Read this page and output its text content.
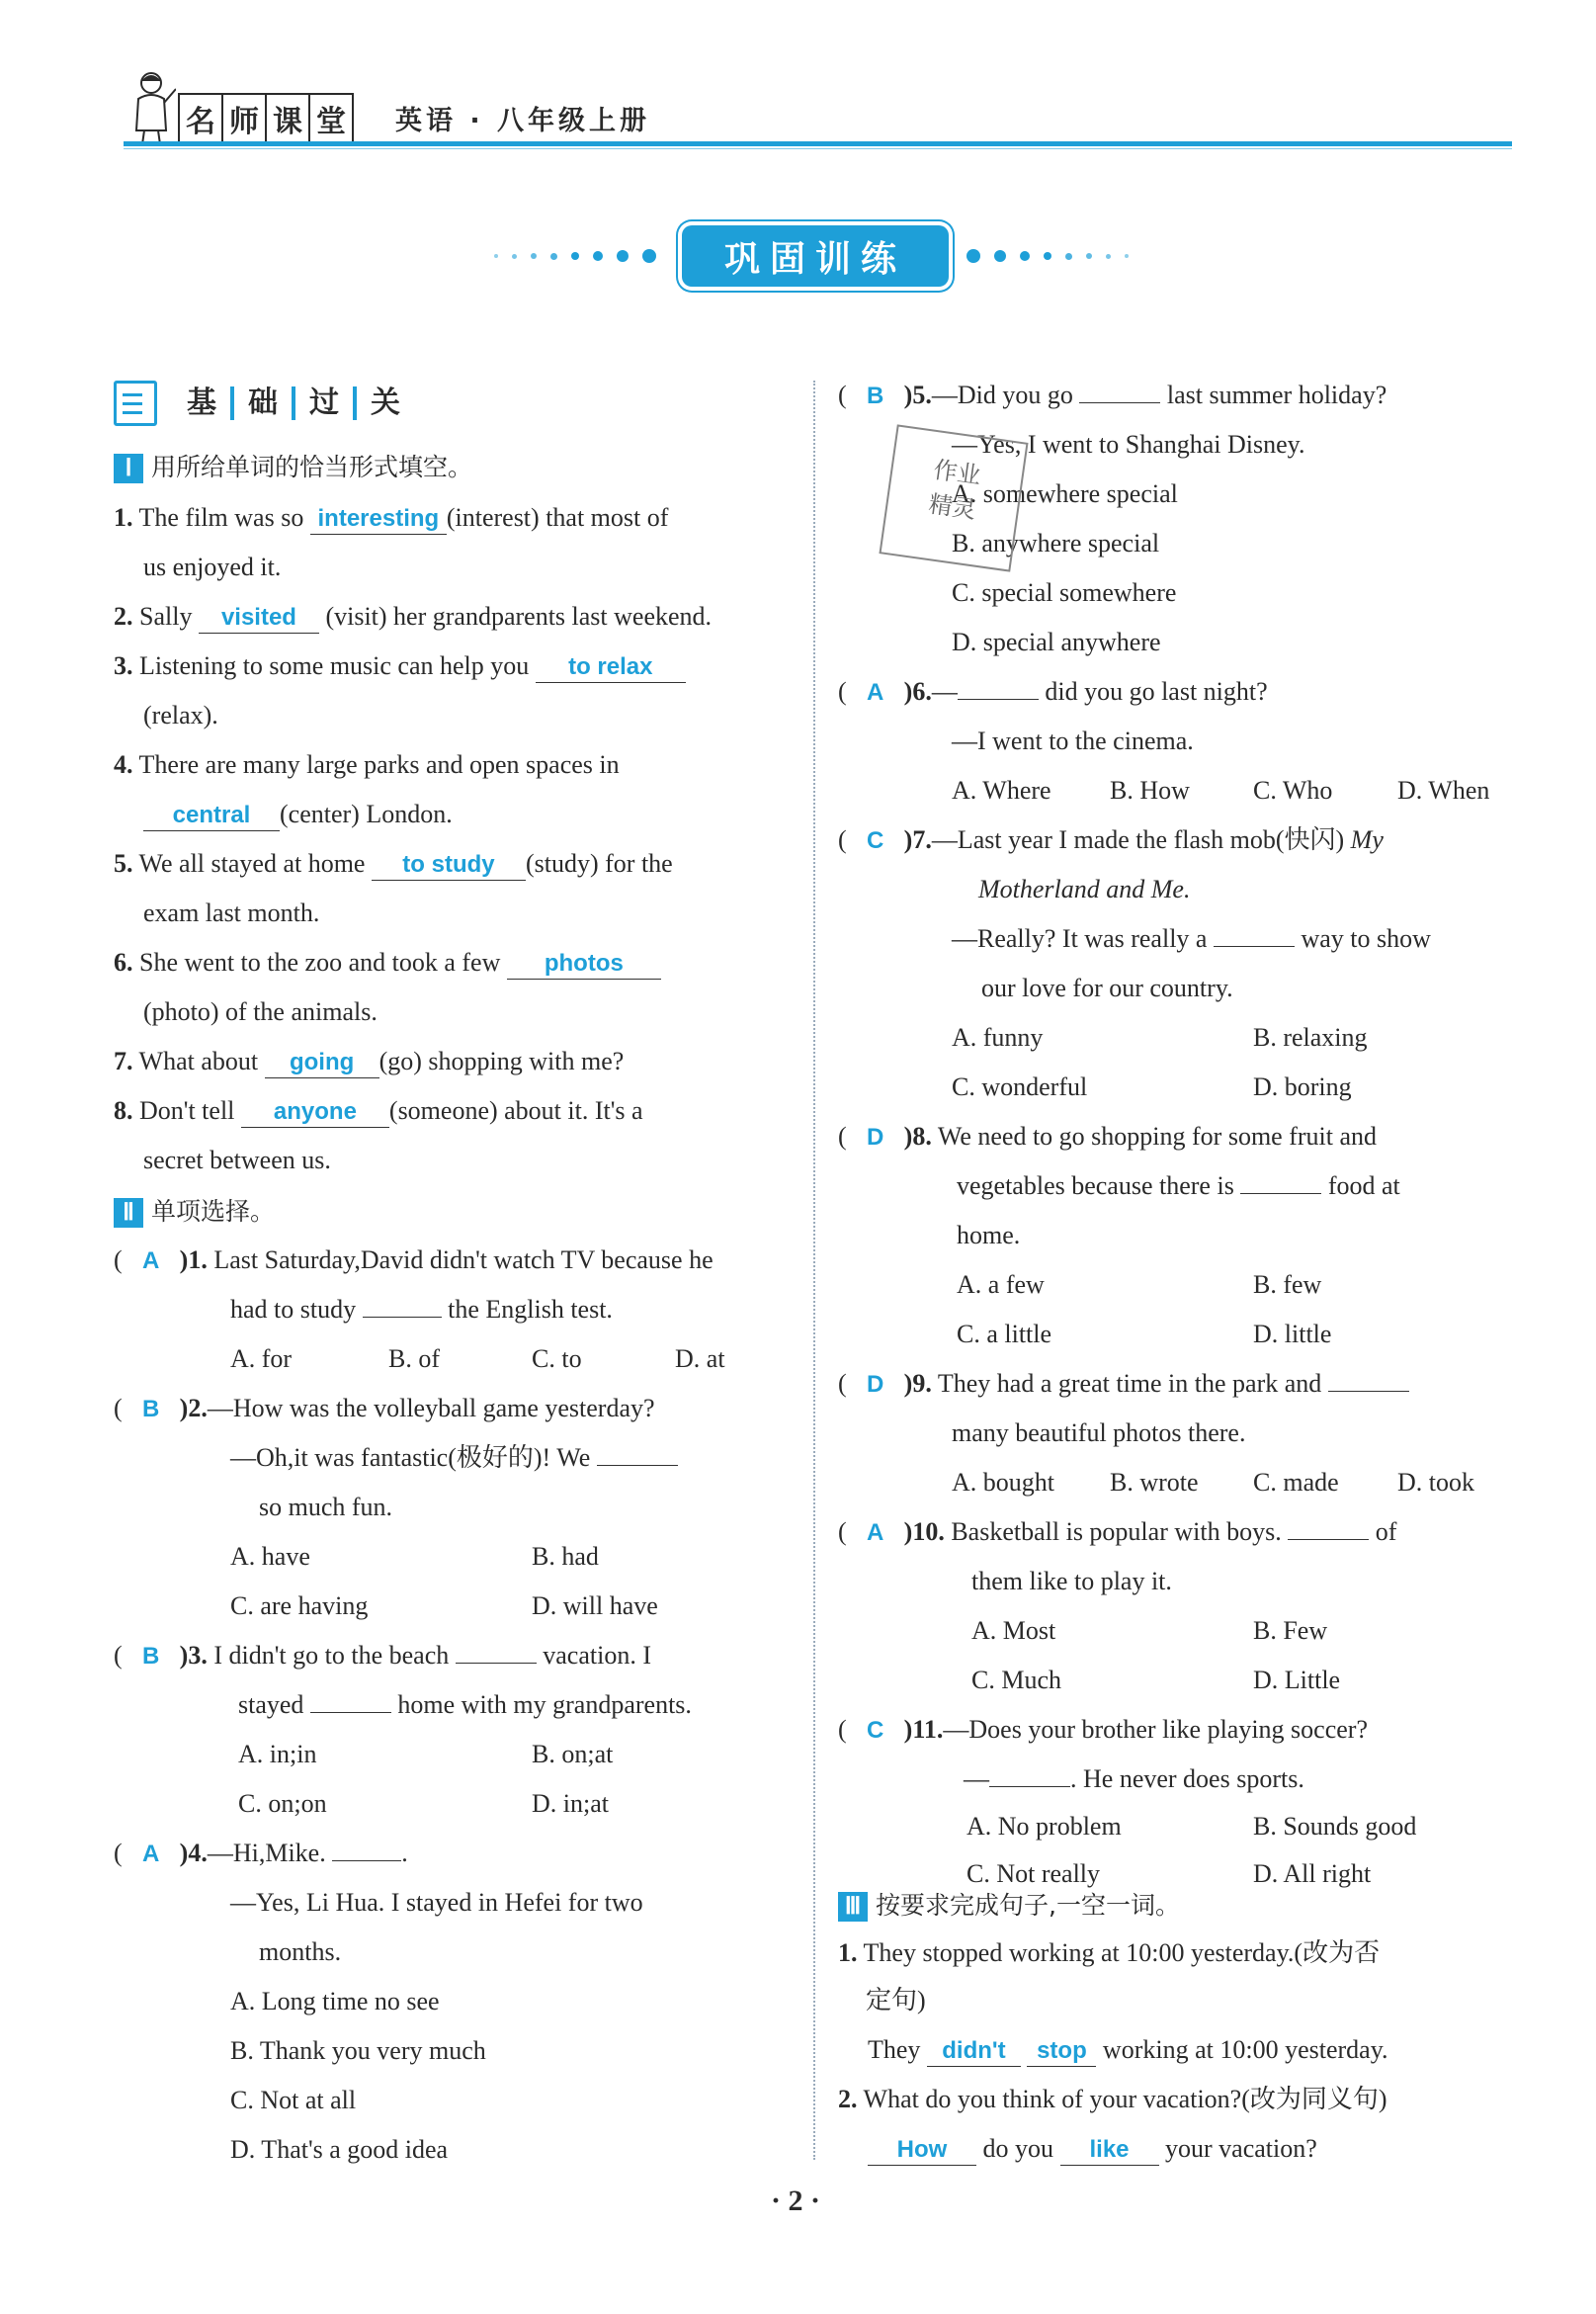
名 师 课 堂 英语 · 八年级上册
巩固训练
基	础	过	关
Ⅰ 用所给单词的恰当形式填空。
1. The film was so interesting (interest) that most of
us enjoyed it.
2. Sally visited (visit) her grandparents last weekend.
3. Listening to some music can help you to relax
(relax).
4. There are many large parks and open spaces in
central (center) London.
5. We all stayed at home to study (study) for the
exam last month.
6. She went to the zoo and took a few photos
(photo) of the animals.
7. What about going (go) shopping with me?
8. Don't tell anyone (someone) about it. It's a
secret between us.
Ⅱ 单项选择。
( A )1. Last Saturday,David didn't watch TV because he
had to study	the English test.
A. for	B. of	C. to	D. at
( B )2.—How was the volleyball game yesterday?
—Oh,it was fantastic(极好的)! We
so much fun.
A. have	B. had
C. are having	D. will have
( B )3. I didn't go to the beach	vacation. I
stayed	home with my grandparents.
A. in;in	B. on;at
C. on;on	D. in;at
( A )4.—Hi,Mike.	.
—Yes, Li Hua. I stayed in Hefei for two
months.
A. Long time no see
B. Thank you very much
C. Not at all
D. That's a good idea
( B )5.—Did you go	last summer holiday?
—Yes, I went to Shanghai Disney.
A. somewhere special
B. anywhere special
C. special somewhere
D. special anywhere
作业
精灵
( A )6.—	did you go last night?
—I went to the cinema.
A. Where B. How C. Who	D. When
( C )7.—Last year I made the flash mob(快闪) My
Motherland and Me.
—Really? It was really a	way to show
our love for our country.
A. funny	B. relaxing
C. wonderful	D. boring
( D )8. We need to go shopping for some fruit and
vegetables because there is	food at
home.
A. a few	B. few
C. a little	D. little
( D )9. They had a great time in the park and
many beautiful photos there.
A. bought B. wrote C. made D. took
( A )10. Basketball is popular with boys.	of
them like to play it.
A. Most	B. Few
C. Much	D. Little
( C )11.—Does your brother like playing soccer?
—	. He never does sports.
A. No problem	B. Sounds good
C. Not really	D. All right
Ⅲ 按要求完成句子,一空一词。
1. They stopped working at 10:00 yesterday.(改为否
定句)
They didn't stop working at 10:00 yesterday.
2. What do you think of your vacation?(改为同义句)
How do you like your vacation?
· 2 ·
